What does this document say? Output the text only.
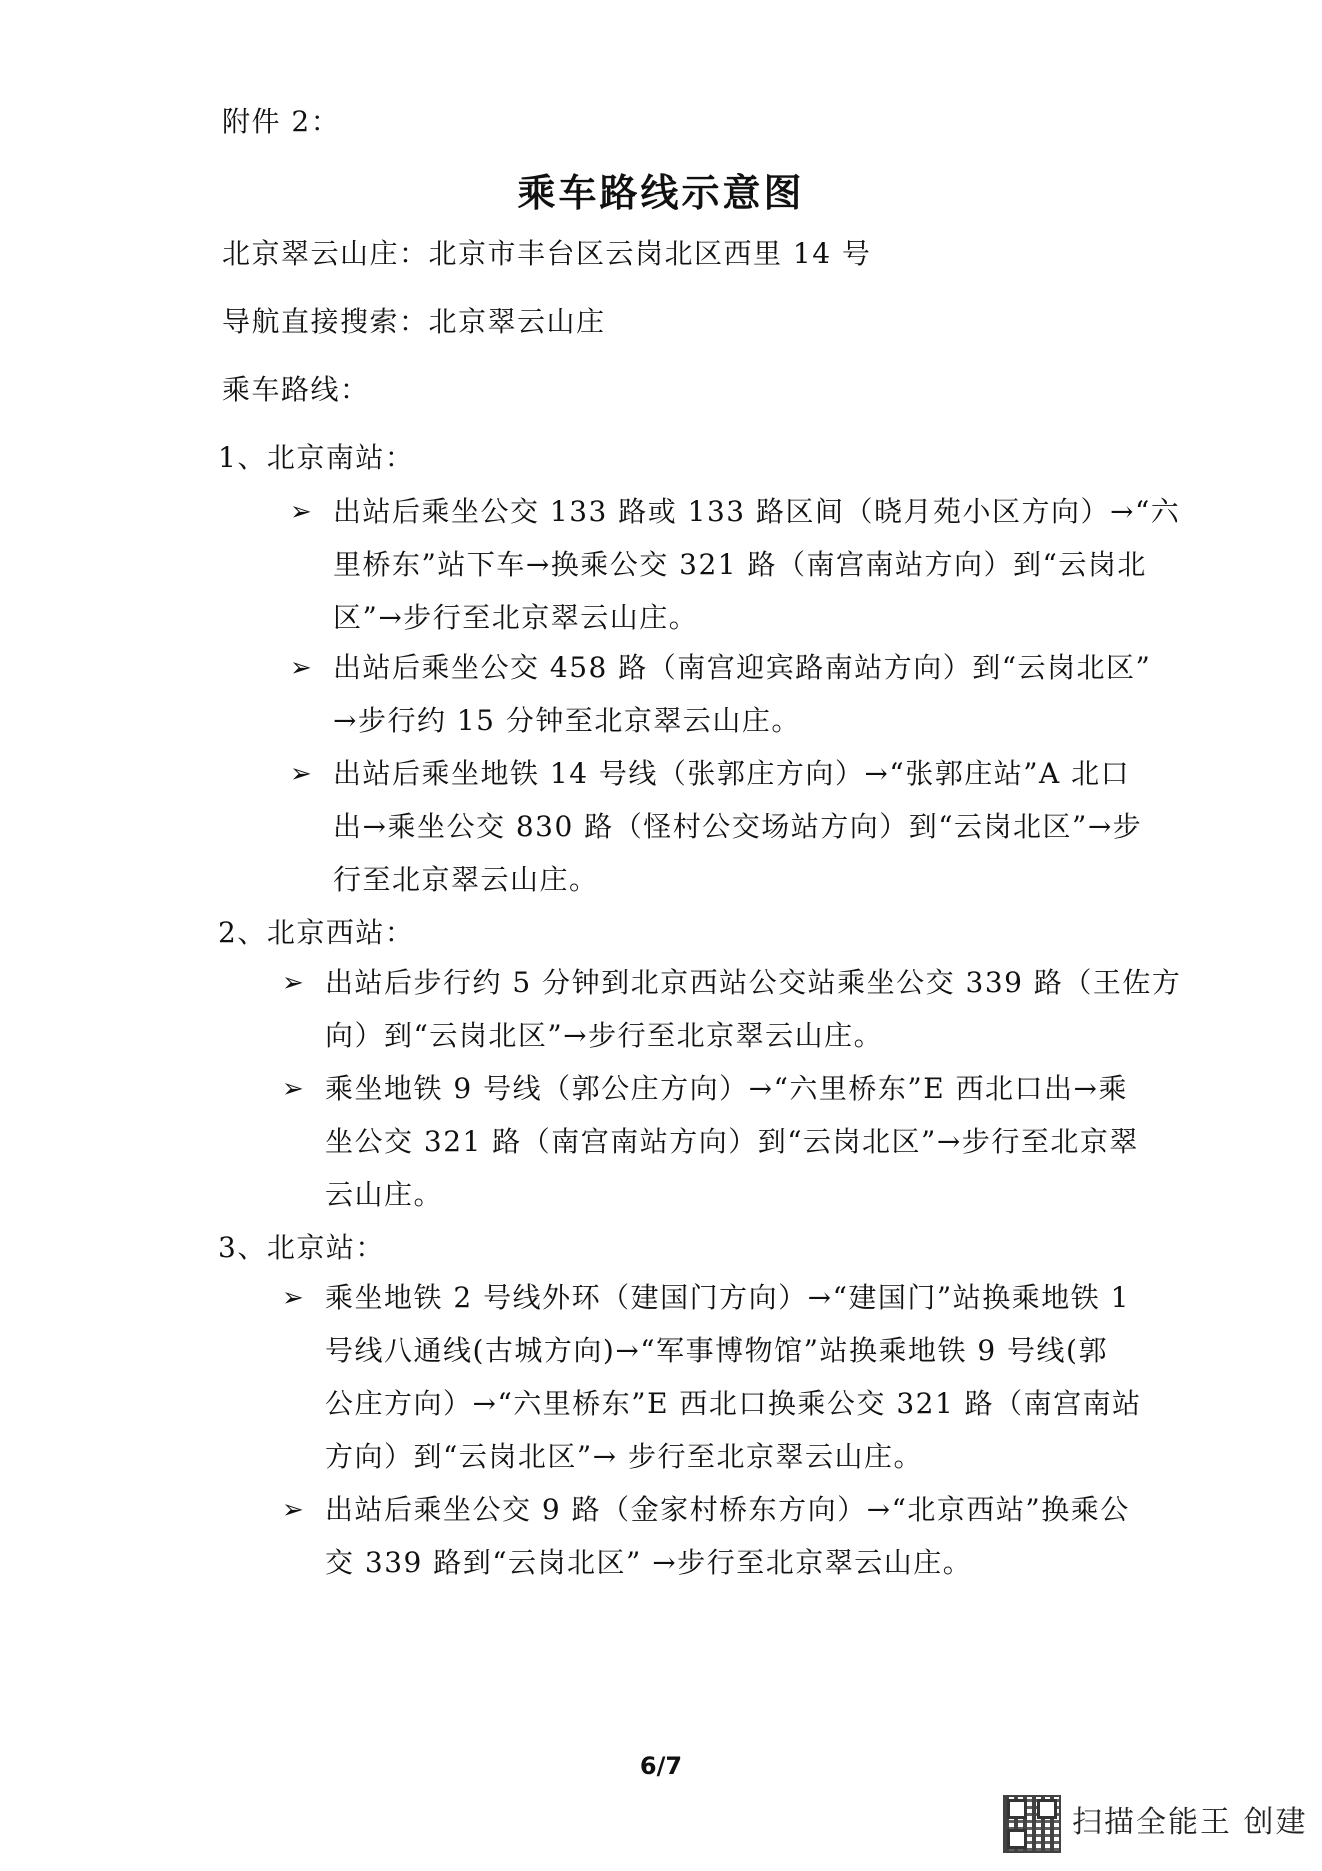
附件 2：
乘车路线示意图
北京翠云山庄：北京市丰台区云岗北区西里 14 号
导航直接搜索：北京翠云山庄
乘车路线：
1、北京南站：
➢ 出站后乘坐公交 133 路或 133 路区间（晓月苑小区方向）→“六
里桥东”站下车→换乘公交 321 路（南宫南站方向）到“云岗北
区”→步行至北京翠云山庄。
➢ 出站后乘坐公交 458 路（南宫迎宾路南站方向）到“云岗北区”
→步行约 15 分钟至北京翠云山庄。
➢ 出站后乘坐地铁 14 号线（张郭庄方向）→“张郭庄站”A 北口
出→乘坐公交 830 路（怪村公交场站方向）到“云岗北区”→步
行至北京翠云山庄。
2、北京西站：
➢ 出站后步行约 5 分钟到北京西站公交站乘坐公交 339 路（王佐方
向）到“云岗北区”→步行至北京翠云山庄。
➢ 乘坐地铁 9 号线（郭公庄方向）→“六里桥东”E 西北口出→乘
坐公交 321 路（南宫南站方向）到“云岗北区”→步行至北京翠
云山庄。
3、北京站：
➢ 乘坐地铁 2 号线外环（建国门方向）→“建国门”站换乘地铁 1
号线八通线(古城方向)→“军事博物馆”站换乘地铁 9 号线(郭
公庄方向）→“六里桥东”E 西北口换乘公交 321 路（南宫南站
方向）到“云岗北区”→ 步行至北京翠云山庄。
➢ 出站后乘坐公交 9 路（金家村桥东方向）→“北京西站”换乘公
交 339 路到“云岗北区” →步行至北京翠云山庄。
6/7
扫描全能王 创建
